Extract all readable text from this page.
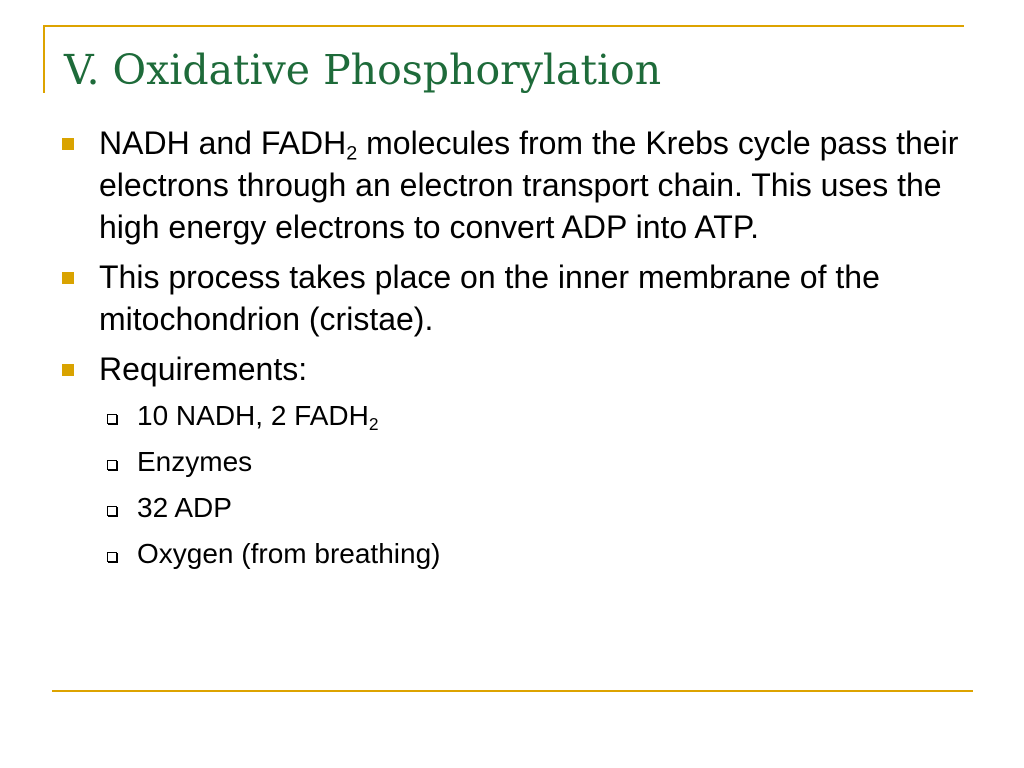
V. Oxidative Phosphorylation
NADH and $FADH_2$ molecules from the Krebs cycle pass their electrons through an electron transport chain. This uses the high energy electrons to convert ADP into ATP.
This process takes place on the inner membrane of the mitochondrion (cristae).
Requirements:
10 NADH, 2 $FADH_2$
Enzymes
32 ADP
Oxygen (from breathing)
